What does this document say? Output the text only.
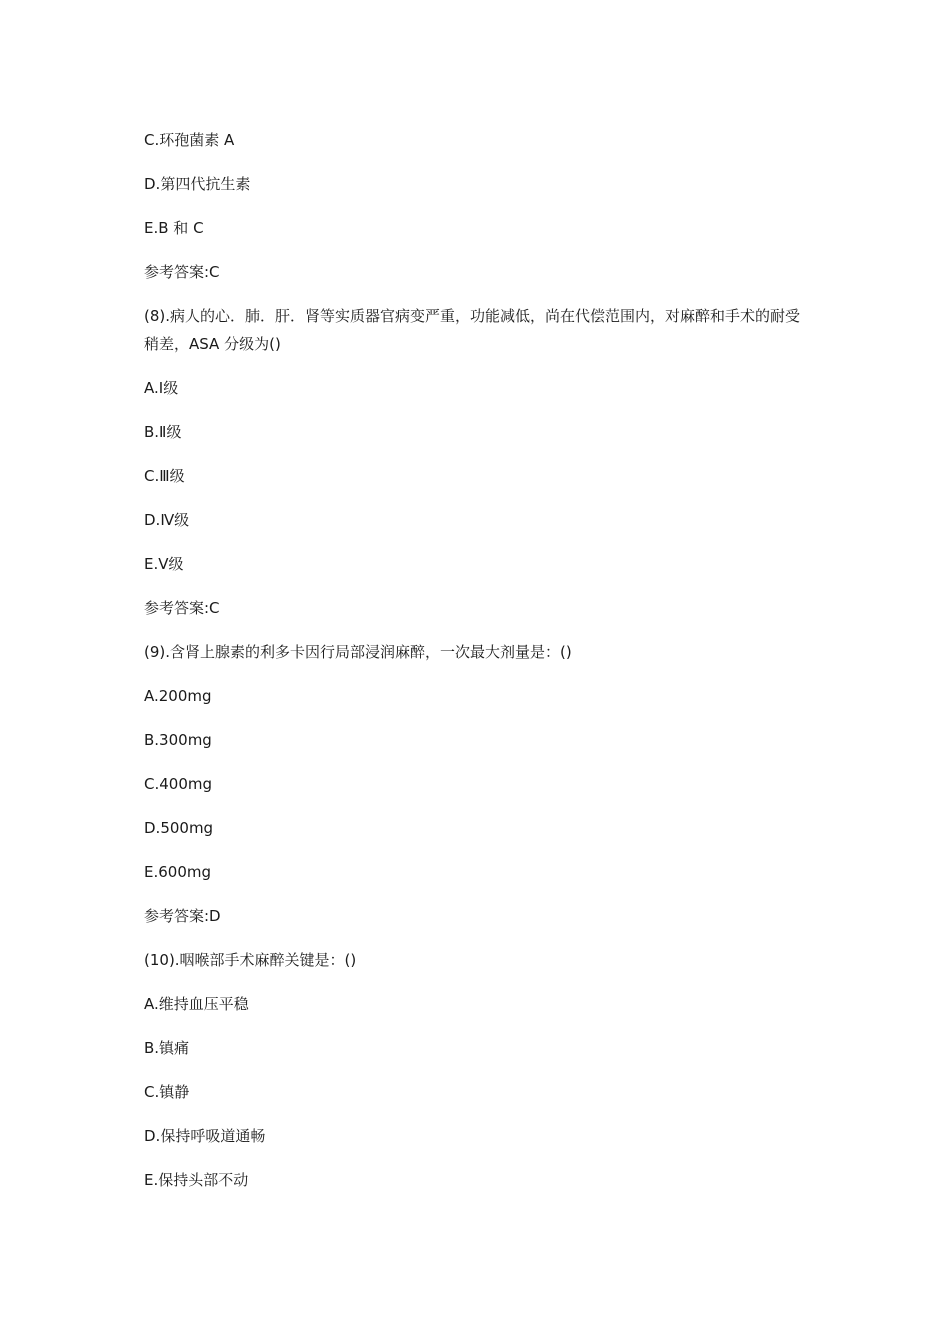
C.环孢菌素 A

D.第四代抗生素

E.B 和 C

参考答案:C

(8).病人的心．肺．肝．肾等实质器官病变严重，功能减低，尚在代偿范围内，对麻醉和手术的耐受稍差，ASA 分级为()

A.Ⅰ级

B.Ⅱ级

C.Ⅲ级

D.Ⅳ级

E.Ⅴ级

参考答案:C

(9).含肾上腺素的利多卡因行局部浸润麻醉，一次最大剂量是：()

A.200mg

B.300mg

C.400mg

D.500mg

E.600mg

参考答案:D

(10).咽喉部手术麻醉关键是：()

A.维持血压平稳

B.镇痛

C.镇静

D.保持呼吸道通畅

E.保持头部不动
